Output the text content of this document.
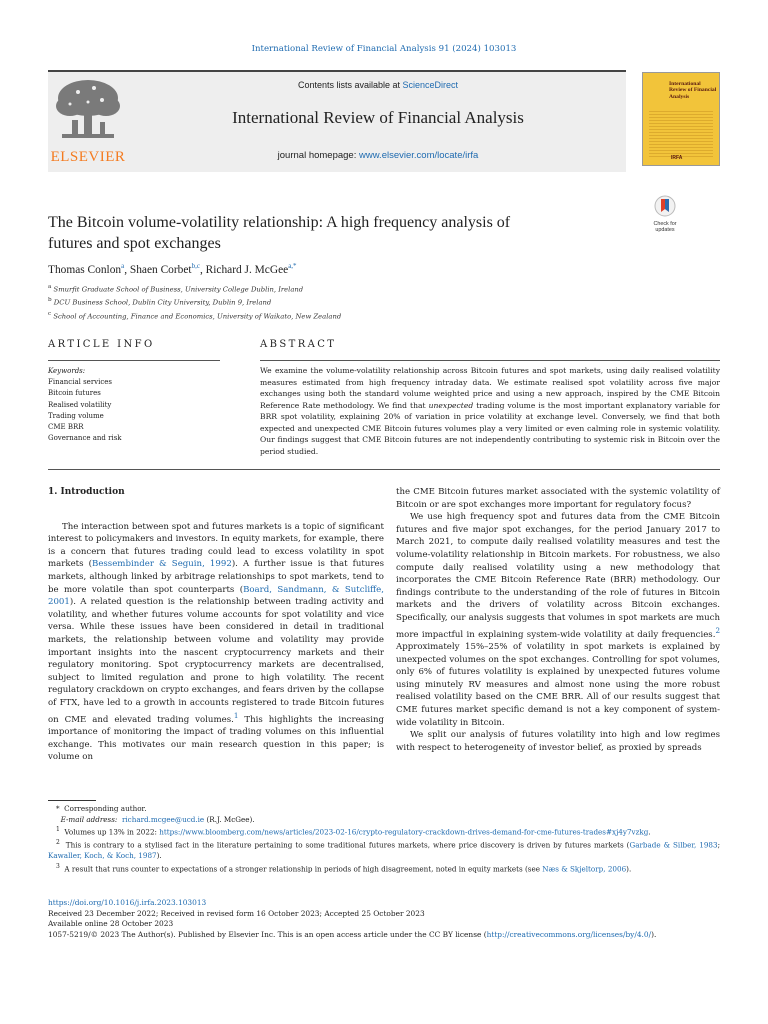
International Review of Financial Analysis 91 (2024) 103013
ELSEVIER
Contents lists available at ScienceDirect
International Review of Financial Analysis
journal homepage: www.elsevier.com/locate/irfa
International Review of Financial Analysis
IRFA
Check for
updates
The Bitcoin volume-volatility relationship: A high frequency analysis of
futures and spot exchanges
Thomas Conlon$^a$, Shaen Corbet$^{b,c}$, Richard J. McGee$^{a,*}$
$^a$ Smurfit Graduate School of Business, University College Dublin, Ireland
$^b$ DCU Business School, Dublin City University, Dublin 9, Ireland
$^c$ School of Accounting, Finance and Economics, University of Waikato, New Zealand
ARTICLE INFO	ABSTRACT
Keywords:
Financial services
Bitcoin futures
Realised volatility
Trading volume
CME BRR
Governance and risk
We examine the volume-volatility relationship across Bitcoin futures and spot markets, using daily realised volatility measures estimated from high frequency intraday data. We estimate realised spot volatility across five major exchanges using both the standard volume weighted price and using a new approach, inspired by the CME Bitcoin Reference Rate methodology. We find that unexpected trading volume is the most important explanatory variable for BRR spot volatility, explaining 20% of variation in price volatility at exchange level. Conversely, we find that both expected and unexpected CME Bitcoin futures volumes play a very limited or even calming role in systemic volatility. Our findings suggest that CME Bitcoin futures are not independently contributing to systemic risk in Bitcoin over the period studied.
1. Introduction

The interaction between spot and futures markets is a topic of significant interest to policymakers and investors. In equity markets, for example, there is a concern that futures trading could lead to excess volatility in spot markets (Bessembinder & Seguin, 1992). A further issue is that futures markets, although linked by arbitrage relationships to spot markets, tend to be more volatile than spot counterparts (Board, Sandmann, & Sutcliffe, 2001). A related question is the relationship between trading activity and volatility, and whether futures volume accounts for spot volatility and vice versa. While these issues have been considered in detail in traditional markets, the relationship between volume and volatility may provide important insights into the nascent cryptocurrency markets and their regulatory monitoring. Spot cryptocurrency markets are decentralised, subject to limited regulation and prone to high volatility. The recent regulatory crackdown on crypto exchanges, and fears driven by the collapse of FTX, have led to a growth in accounts registered to trade Bitcoin futures on CME and elevated trading volumes.$^1$ This highlights the increasing importance of monitoring the impact of trading volumes on this influential exchange. This motivates our main research question in this paper; is volume on

the CME Bitcoin futures market associated with the systemic volatility of Bitcoin or are spot exchanges more important for regulatory focus?

We use high frequency spot and futures data from the CME Bitcoin futures and five major spot exchanges, for the period January 2017 to March 2021, to compute daily realised volatility measures and test the volume-volatility relationship in Bitcoin markets. For robustness, we also compute daily realised volatility using a new methodology that incorporates the CME Bitcoin Reference Rate (BRR) methodology. Our findings contribute to the understanding of the role of futures in Bitcoin markets and the drivers of volatility across Bitcoin exchanges. Specifically, our analysis suggests that volumes in spot markets are much more impactful in explaining system-wide volatility at daily frequencies.$^2$ Approximately 15%–25% of volatility in spot markets is explained by unexpected volumes on the spot exchanges. Controlling for spot volumes, only 6% of futures volatility is explained by unexpected futures volume using minutely RV measures and almost none using the more robust realised volatility based on the CME BRR. All of our results suggest that CME futures market specific demand is not a key component of system-wide volatility in Bitcoin.

We split our analysis of futures volatility into high and low regimes with respect to heterogeneity of investor belief, as proxied by spreads

* Corresponding author.
E-mail address: richard.mcgee@ucd.ie (R.J. McGee).
$^1$ Volumes up 13% in 2022: https://www.bloomberg.com/news/articles/2023-02-16/crypto-regulatory-crackdown-drives-demand-for-cme-futures-trades#xj4y7vzkg.
$^2$ This is contrary to a stylised fact in the literature pertaining to some traditional futures markets, where price discovery is driven by futures markets (Garbade & Silber, 1983; Kawaller, Koch, & Koch, 1987).
$^3$ A result that runs counter to expectations of a stronger relationship in periods of high disagreement, noted in equity markets (see Næs & Skjeltorp, 2006).
https://doi.org/10.1016/j.irfa.2023.103013
Received 23 December 2022; Received in revised form 16 October 2023; Accepted 25 October 2023
Available online 28 October 2023
1057-5219/© 2023 The Author(s). Published by Elsevier Inc. This is an open access article under the CC BY license (http://creativecommons.org/licenses/by/4.0/).
